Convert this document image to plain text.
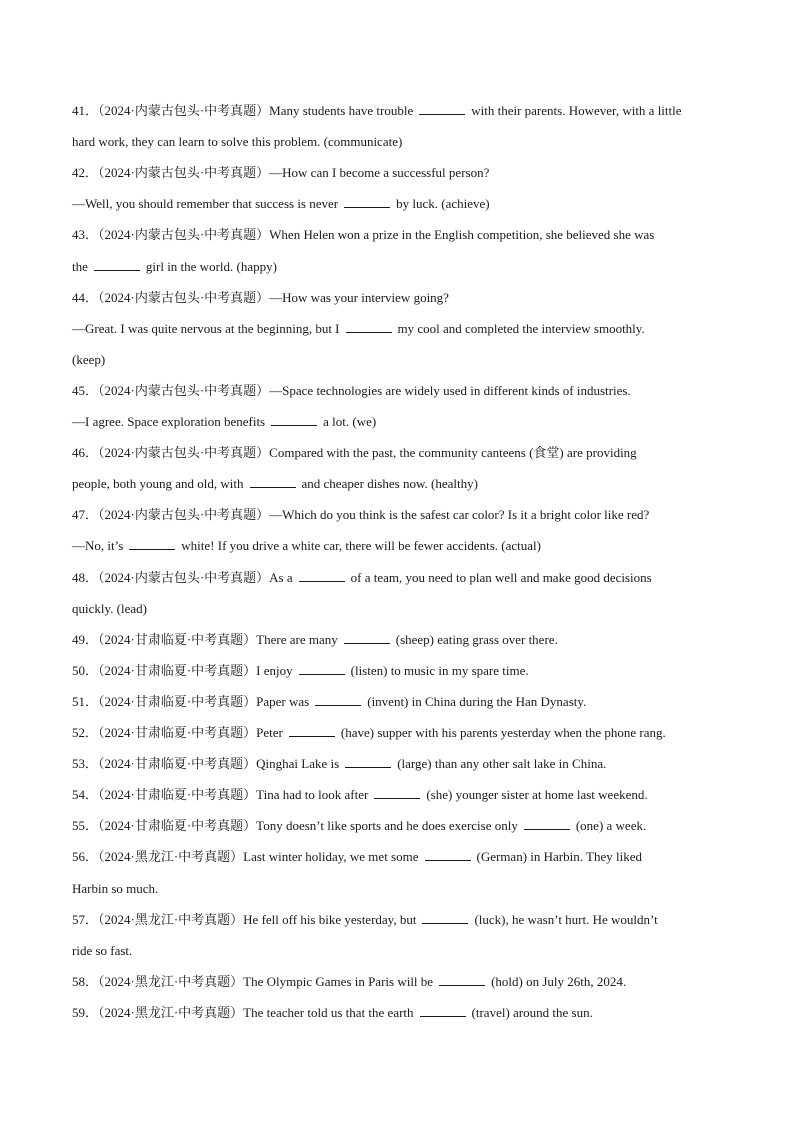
41．（2024·内蒙古包头·中考真题）Many students have trouble	with their parents. However, with a little
hard work, they can learn to solve this problem. (communicate)
42．（2024·内蒙古包头·中考真题）—How can I become a successful person?
—Well, you should remember that success is never	by luck. (achieve)
43．（2024·内蒙古包头·中考真题）When Helen won a prize in the English competition, she believed she was
the	girl in the world. (happy)
44．（2024·内蒙古包头·中考真题）—How was your interview going?
—Great. I was quite nervous at the beginning, but I	my cool and completed the interview smoothly.
(keep)
45．（2024·内蒙古包头·中考真题）—Space technologies are widely used in different kinds of industries.
—I agree. Space exploration benefits	a lot. (we)
46．（2024·内蒙古包头·中考真题）Compared with the past, the community canteens (食堂) are providing
people, both young and old, with	and cheaper dishes now. (healthy)
47．（2024·内蒙古包头·中考真题）—Which do you think is the safest car color? Is it a bright color like red?
—No, it’s	white! If you drive a white car, there will be fewer accidents. (actual)
48．（2024·内蒙古包头·中考真题）As a	of a team, you need to plan well and make good decisions
quickly. (lead)
49．（2024·甘肃临夏·中考真题）There are many	(sheep) eating grass over there.
50．（2024·甘肃临夏·中考真题）I enjoy	(listen) to music in my spare time.
51．（2024·甘肃临夏·中考真题）Paper was	(invent) in China during the Han Dynasty.
52．（2024·甘肃临夏·中考真题）Peter	(have) supper with his parents yesterday when the phone rang.
53．（2024·甘肃临夏·中考真题）Qinghai Lake is	(large) than any other salt lake in China.
54．（2024·甘肃临夏·中考真题）Tina had to look after	(she) younger sister at home last weekend.
55．（2024·甘肃临夏·中考真题）Tony doesn’t like sports and he does exercise only	(one) a week.
56．（2024·黑龙江·中考真题）Last winter holiday, we met some	(German) in Harbin. They liked
Harbin so much.
57．（2024·黑龙江·中考真题）He fell off his bike yesterday, but	(luck), he wasn’t hurt. He wouldn’t
ride so fast.
58．（2024·黑龙江·中考真题）The Olympic Games in Paris will be	(hold) on July 26th, 2024.
59．（2024·黑龙江·中考真题）The teacher told us that the earth	(travel) around the sun.
